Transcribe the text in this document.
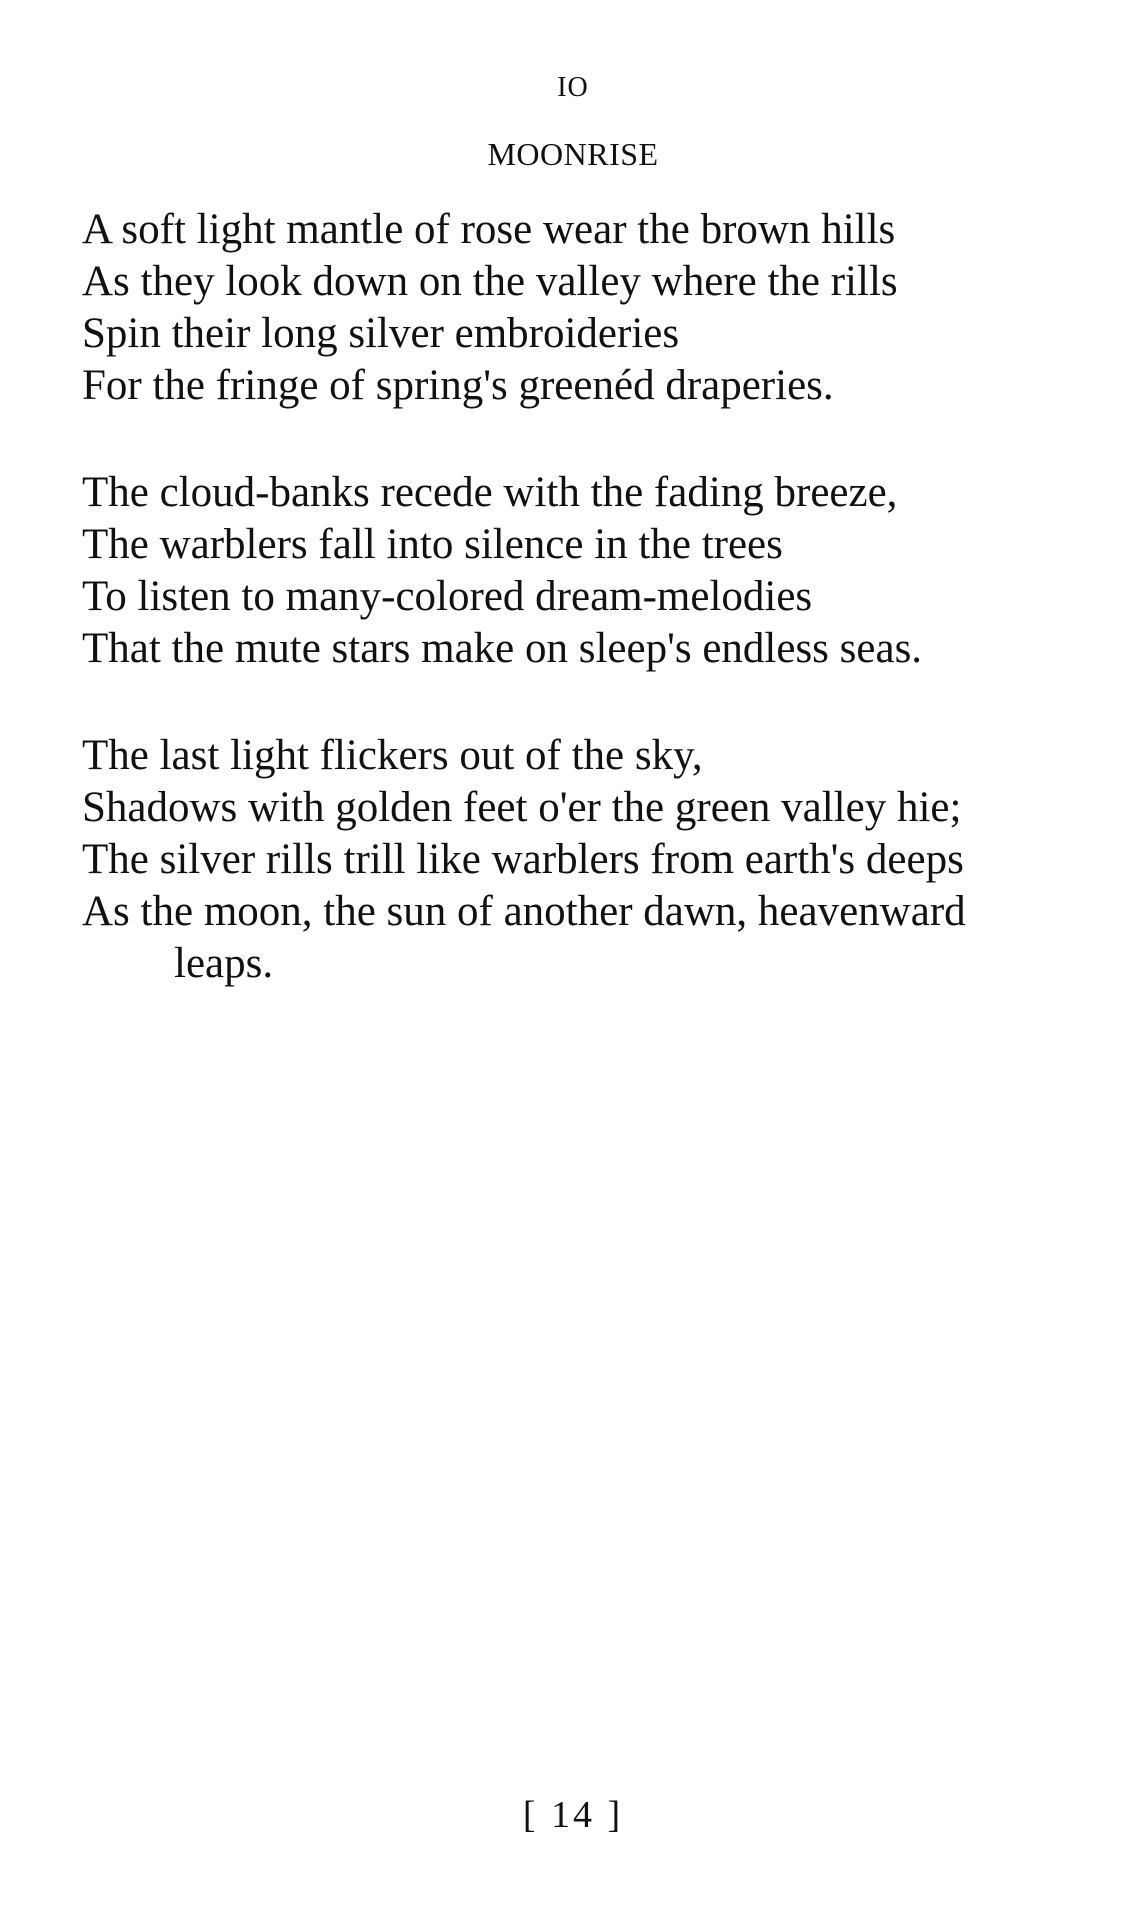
IO
MOONRISE
A soft light mantle of rose wear the brown hills
As they look down on the valley where the rills
Spin their long silver embroideries
For the fringe of spring's greenéd draperies.
The cloud-banks recede with the fading breeze,
The warblers fall into silence in the trees
To listen to many-colored dream-melodies
That the mute stars make on sleep's endless seas.
The last light flickers out of the sky,
Shadows with golden feet o'er the green valley hie;
The silver rills trill like warblers from earth's deeps
As the moon, the sun of another dawn, heavenward
leaps.
[ 14 ]
